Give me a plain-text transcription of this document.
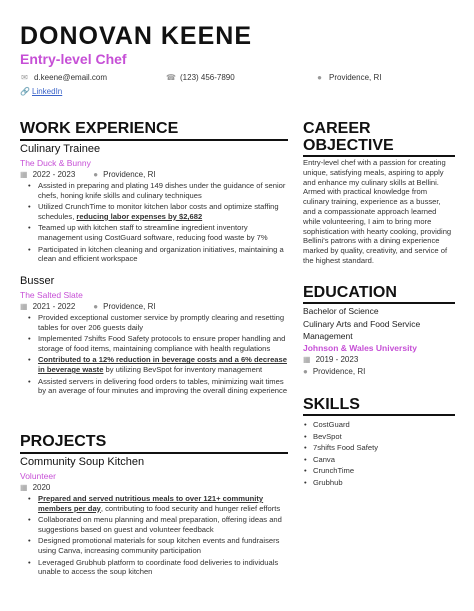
DONOVAN KEENE
Entry-level Chef
✉ d.keene@email.com	☎ (123) 456-7890	● Providence, RI
🔗 LinkedIn
WORK EXPERIENCE
Culinary Trainee
The Duck & Bunny
▦ 2022 - 2023 ● Providence, RI
• Assisted in preparing and plating 149 dishes under the guidance of senior chefs, honing knife skills and culinary techniques
• Utilized CrunchTime to monitor kitchen labor costs and optimize staffing schedules, reducing labor expenses by $2,682
• Teamed up with kitchen staff to streamline ingredient inventory management using CostGuard software, reducing food waste by 7%
• Participated in kitchen cleaning and organization initiatives, maintaining a clean and efficient workspace
Busser
The Salted Slate
▦ 2021 - 2022 ● Providence, RI
• Provided exceptional customer service by promptly clearing and resetting tables for over 206 guests daily
• Implemented 7shifts Food Safety protocols to ensure proper handling and storage of food items, maintaining compliance with health regulations
• Contributed to a 12% reduction in beverage costs and a 6% decrease in beverage waste by utilizing BevSpot for inventory management
• Assisted servers in delivering food orders to tables, minimizing wait times by an average of four minutes and improving the overall dining experience
PROJECTS
Community Soup Kitchen
Volunteer
▦ 2020
• Prepared and served nutritious meals to over 121+ community members per day, contributing to food security and hunger relief efforts
• Collaborated on menu planning and meal preparation, offering ideas and suggestions based on guest and volunteer feedback
• Designed promotional materials for soup kitchen events and fundraisers using Canva, increasing community participation
• Leveraged Grubhub platform to coordinate food deliveries to individuals unable to access the soup kitchen
CAREER
OBJECTIVE
Entry-level chef with a passion for creating unique, satisfying meals, aspiring to apply and enhance my culinary skills at Bellini. Armed with practical knowledge from culinary training, experience as a busser, and a compassionate approach learned while volunteering, I aim to bring more sophistication with hearty cooking, providing Bellini's patrons with a dining experience marked by quality, creativity, and service of the highest standard.
EDUCATION
Bachelor of Science
Culinary Arts and Food Service
Management
Johnson & Wales University
▦ 2019 - 2023
● Providence, RI
SKILLS
• CostGuard
• BevSpot
• 7shifts Food Safety
• Canva
• CrunchTime
• Grubhub
